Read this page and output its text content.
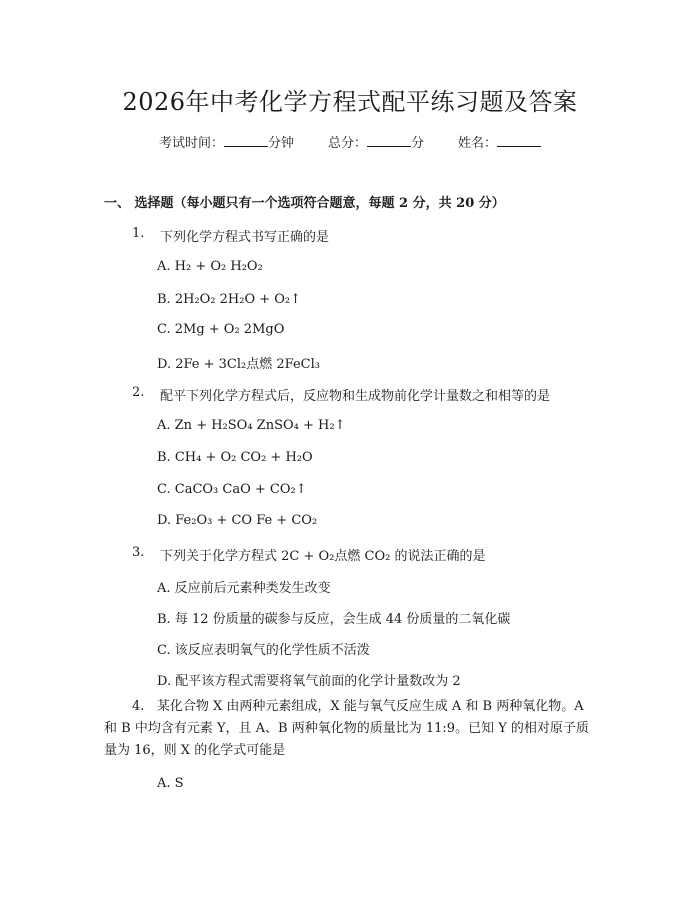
2026年中考化学方程式配平练习题及答案
考试时间：	分钟	总分：	分	姓名：
一、 选择题（每小题只有一个选项符合题意，每题 2 分，共 20 分）
1. 下列化学方程式书写正确的是
A. H₂ + O₂ H₂O₂
B. 2H₂O₂ 2H₂O + O₂↑
C. 2Mg + O₂ 2MgO
D. 2Fe + 3Cl₂点燃 2FeCl₃
2. 配平下列化学方程式后，反应物和生成物前化学计量数之和相等的是
A. Zn + H₂SO₄ ZnSO₄ + H₂↑
B. CH₄ + O₂ CO₂ + H₂O
C. CaCO₃ CaO + CO₂↑
D. Fe₂O₃ + CO Fe + CO₂
3. 下列关于化学方程式 2C + O₂点燃 CO₂ 的说法正确的是
A. 反应前后元素种类发生改变
B. 每 12 份质量的碳参与反应，会生成 44 份质量的二氧化碳
C. 该反应表明氧气的化学性质不活泼
D. 配平该方程式需要将氧气前面的化学计量数改为 2
4. 某化合物 X 由两种元素组成，X 能与氧气反应生成 A 和 B 两种氧化物。A 和 B 中均含有元素 Y，且 A、B 两种氧化物的质量比为 11:9。已知 Y 的相对原子质量为 16，则 X 的化学式可能是
A. S
